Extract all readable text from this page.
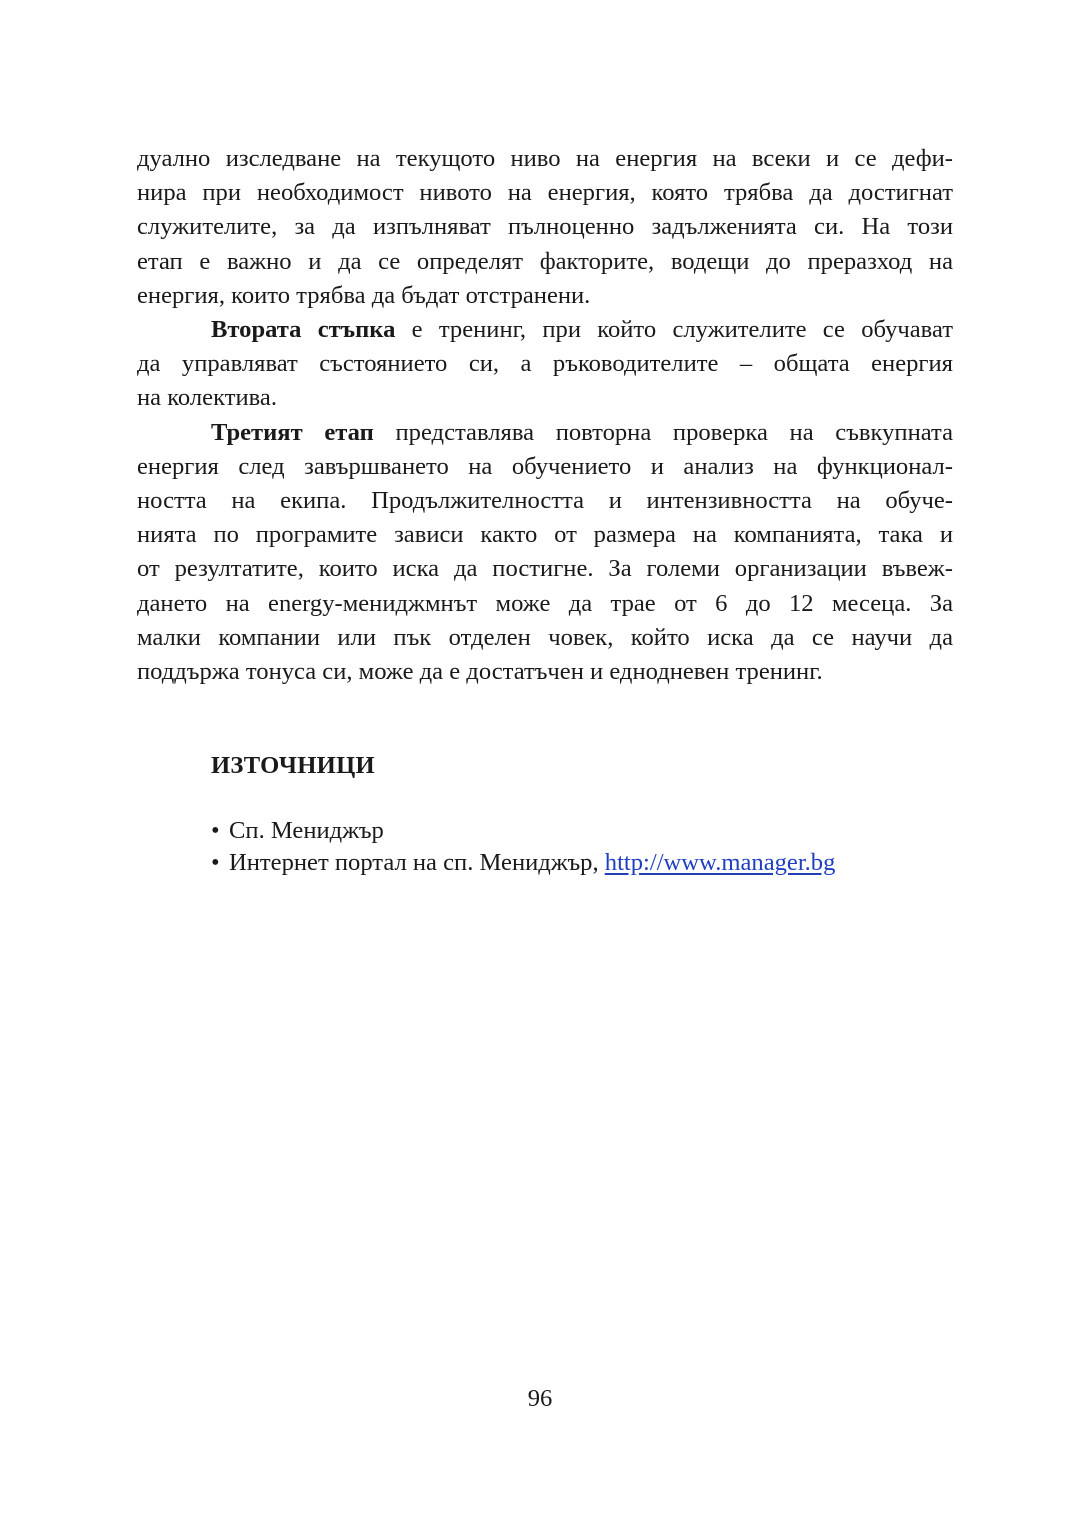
дуално изследване на текущото ниво на енергия на всеки и се дефи-
нира при необходимост нивото на енергия, която трябва да достигнат
служителите, за да изпълняват пълноценно задълженията си. На този
етап е важно и да се определят факторите, водещи до преразход на
енергия, които трябва да бъдат отстранени.
Втората стъпка е тренинг, при който служителите се обучават
да управляват състоянието си, а ръководителите – общата енергия
на колектива.
Третият етап представлява повторна проверка на съвкупната
енергия след завършването на обучението и анализ на функционал-
ността на екипа. Продължителността и интензивността на обуче-
нията по програмите зависи както от размера на компанията, така и
от резултатите, които иска да постигне. За големи организации въвеж-
дането на energy-мениджмнът може да трае от 6 до 12 месеца. За
малки компании или пък отделен човек, който иска да се научи да
поддържа тонуса си, може да е достатъчен и еднодневен тренинг.
ИЗТОЧНИЦИ
• Сп. Мениджър
• Интернет портал на сп. Мениджър, http://www.manager.bg
96
